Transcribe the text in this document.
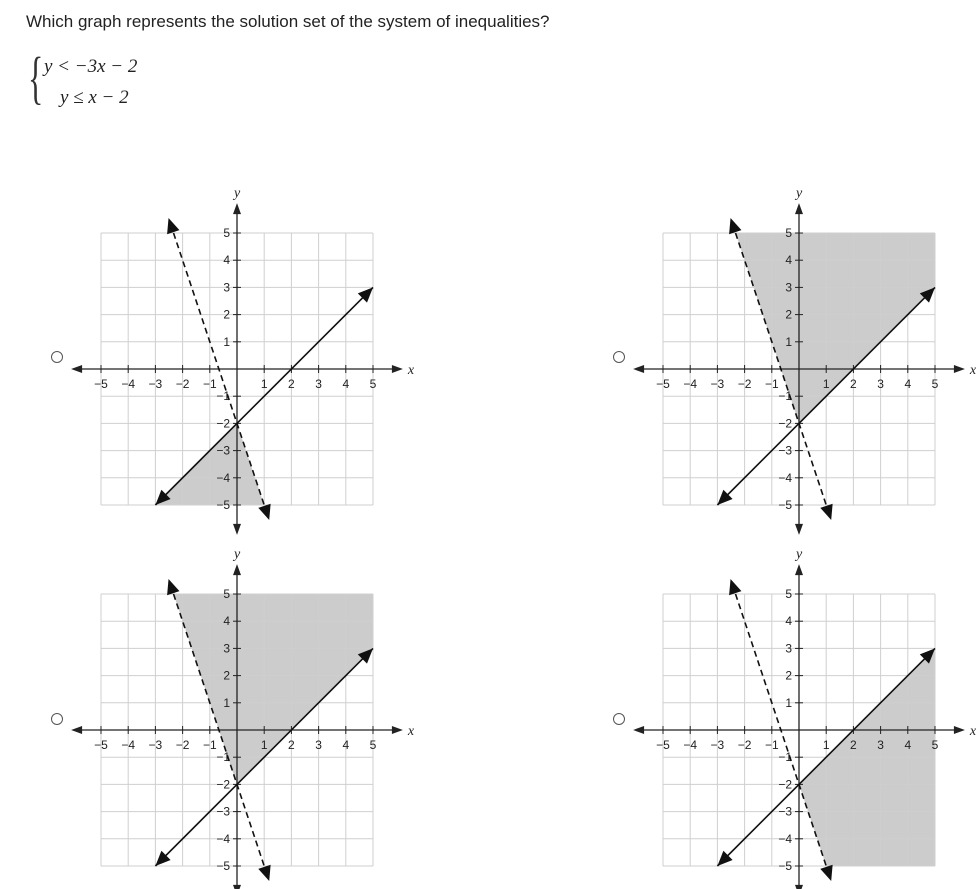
Which graph represents the solution set of the system of inequalities?
{ y < −3x − 2
y ≤ x − 2
−5 −4 −3 −2 −1	1 2 3 4 5
5
4
3
2
1
−1
−2
−3
−4
−5
x
y
−5 −4 −3 −2 −1	1 2 3 4 5
5
4
3
2
1
−1
−2
−3
−4
−5
x
y
−5 −4 −3 −2 −1	1 2 3 4 5
5
4
3
2
1
−1
−2
−3
−4
−5
x
y
−5 −4 −3 −2 −1	1 2 3 4 5
5
4
3
2
1
−1
−2
−3
−4
−5
x
y
